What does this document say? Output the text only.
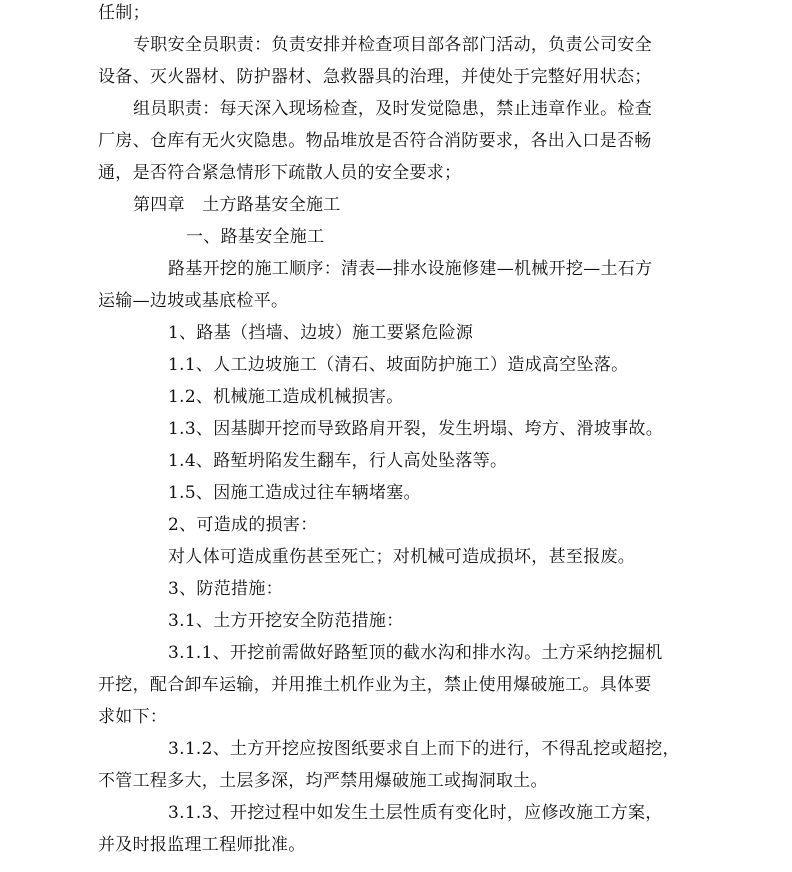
任制；
专职安全员职责：负责安排并检查项目部各部门活动，负责公司安全
设备、灭火器材、防护器材、急救器具的治理，并使处于完整好用状态；
组员职责：每天深入现场检查，及时发觉隐患，禁止违章作业。检查
厂房、仓库有无火灾隐患。物品堆放是否符合消防要求，各出入口是否畅
通，是否符合紧急情形下疏散人员的安全要求；
第四章　土方路基安全施工
一、路基安全施工
路基开挖的施工顺序：清表—排水设施修建—机械开挖—土石方
运输—边坡或基底检平。
1、路基（挡墙、边坡）施工要紧危险源
1.1、人工边坡施工（清石、坡面防护施工）造成高空坠落。
1.2、机械施工造成机械损害。
1.3、因基脚开挖而导致路肩开裂，发生坍塌、垮方、滑坡事故。
1.4、路堑坍陷发生翻车，行人高处坠落等。
1.5、因施工造成过往车辆堵塞。
2、可造成的损害：
对人体可造成重伤甚至死亡；对机械可造成损坏，甚至报废。
3、防范措施：
3.1、土方开挖安全防范措施：
3.1.1、开挖前需做好路堑顶的截水沟和排水沟。土方采纳挖掘机
开挖，配合卸车运输，并用推土机作业为主，禁止使用爆破施工。具体要
求如下：
3.1.2、土方开挖应按图纸要求自上而下的进行，不得乱挖或超挖，
不管工程多大，土层多深，均严禁用爆破施工或掏洞取土。
3.1.3、开挖过程中如发生土层性质有变化时，应修改施工方案，
并及时报监理工程师批准。
